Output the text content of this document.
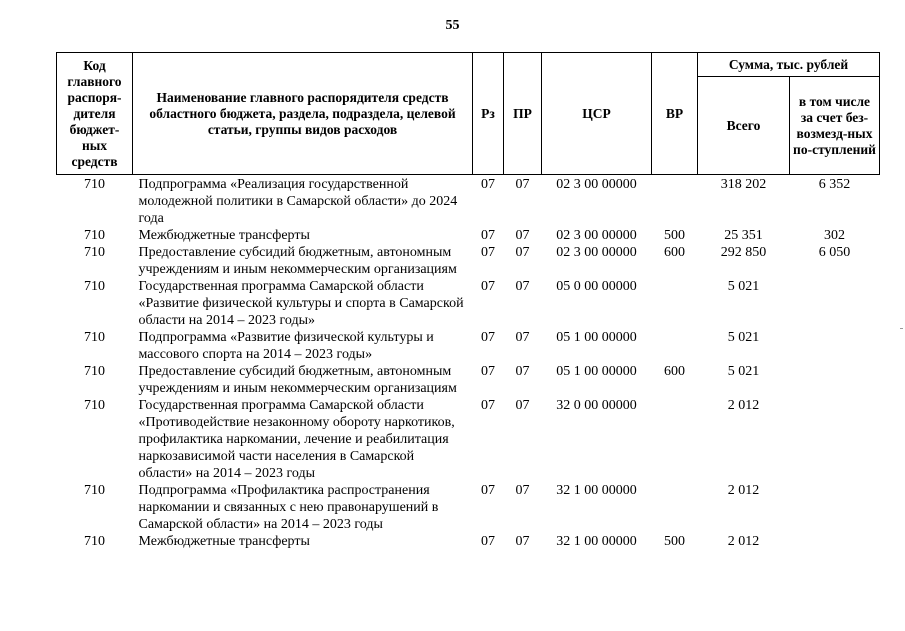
55
Код главного распоря-дителя бюджет-ных средств	Наименование главного распорядителя средств областного бюджета, раздела, подраздела, целевой статьи, группы видов расходов	Рз	ПР	ЦСР	ВР	Сумма, тыс. рублей	
						Всего	в том числе за счет без-возмезд-ных по-ступлений
710	Подпрограмма «Реализация государственной молодежной политики в Самарской области» до 2024 года	07	07	02 3 00 00000		318 202	6 352
710	Межбюджетные трансферты	07	07	02 3 00 00000	500	25 351	302
710	Предоставление субсидий бюджетным, автономным учреждениям и иным некоммерческим организациям	07	07	02 3 00 00000	600	292 850	6 050
710	Государственная программа Самарской области «Развитие физической культуры и спорта в Самарской области на 2014 – 2023 годы»	07	07	05 0 00 00000		5 021	
710	Подпрограмма «Развитие физической культуры и массового спорта на 2014 – 2023 годы»	07	07	05 1 00 00000		5 021	
710	Предоставление субсидий бюджетным, автономным учреждениям и иным некоммерческим организациям	07	07	05 1 00 00000	600	5 021	
710	Государственная программа Самарской области «Противодействие незаконному обороту наркотиков, профилактика наркомании, лечение и реабилитация наркозависимой части населения в Самарской области» на 2014 – 2023 годы	07	07	32 0 00 00000		2 012	
710	Подпрограмма «Профилактика распространения наркомании и связанных с нею правонарушений в Самарской области» на 2014 – 2023 годы	07	07	32 1 00 00000		2 012	
710	Межбюджетные трансферты	07	07	32 1 00 00000	500	2 012	
